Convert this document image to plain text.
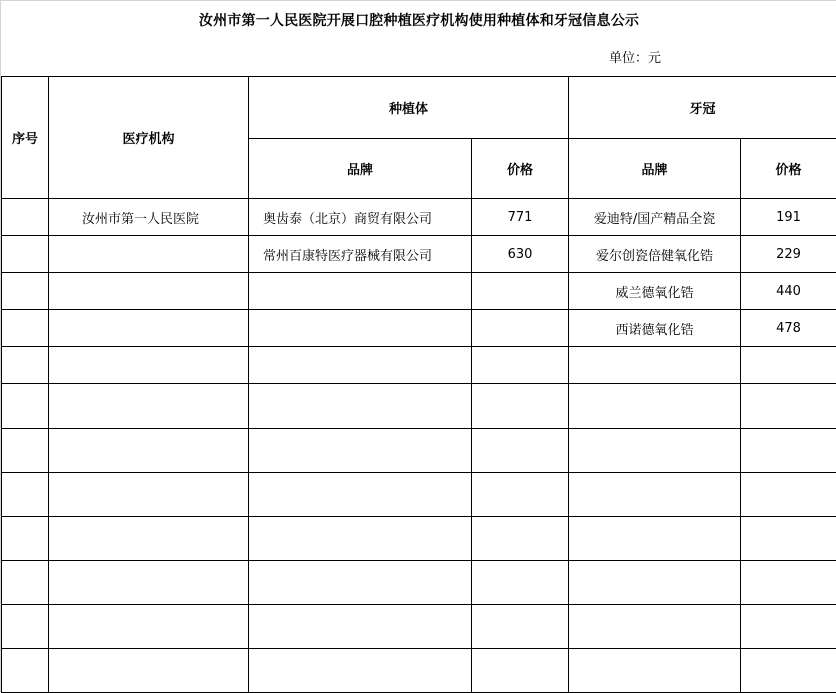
汝州市第一人民医院开展口腔种植医疗机构使用种植体和牙冠信息公示
单位：元
序号	医疗机构	种植体		牙冠	
		品牌	价格	品牌	价格
	汝州市第一人民医院	奥齿泰（北京）商贸有限公司	771	爱迪特/国产精品全瓷	191
		常州百康特医疗器械有限公司	630	爱尔创瓷倍健氧化锆	229
				威兰德氧化锆	440
				西诺德氧化锆	478
